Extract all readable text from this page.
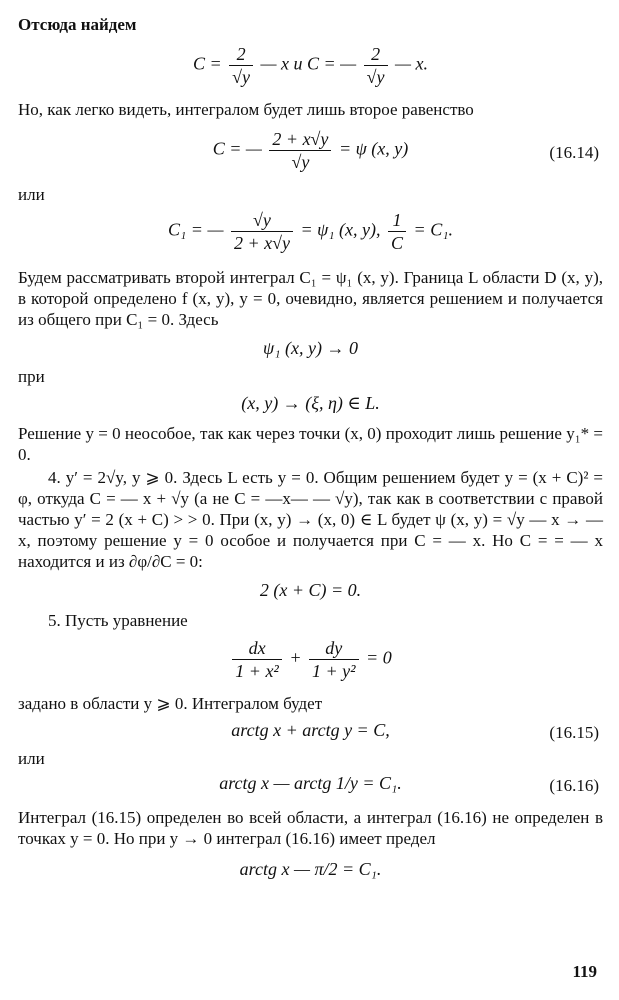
Отсюда найдем

$C = \frac{2}{√y}$ — x и C = — $\frac{2}{√y}$ — x.

Но, как легко видеть, интегралом будет лишь второе равенство

C = — $\frac{2 + x√y}{√y} = \psi$ (x, y)	(16.14)

или

C₁ = — $\frac{√y}{2 + x√y} = \psi_1$ (x, y), $\frac{1}{C} = C_1$.

Будем рассматривать второй интеграл C₁ = ψ₁ (x, y). Граница L области D (x, y), в которой определено f (x, y), y = 0, очевидно, является решением и получается из общего при C₁ = 0. Здесь

ψ₁ (x, y) → 0

при

(x, y) → (ξ, η) ∈ L.

Решение y = 0 неособое, так как через точки (x, 0) проходит лишь решение y₁* = 0.

4. y′ = 2√y, y ⩾ 0. Здесь L есть y = 0. Общим решением будет y = (x + C)² = φ, откуда C = — x + √y (а не C = —x— — √y), так как в соответствии с правой частью y′ = 2 (x + C) > > 0. При (x, y) → (x, 0) ∈ L будет ψ (x, y) = √y — x → —x, поэтому решение y = 0 особое и получается при C = — x. Но C = = — x находится и из ∂φ/∂C = 0:

2 (x + C) = 0.

5. Пусть уравнение

$\frac{dx}{\text{1 + x²}} + \frac{dy}{\text{1 + y²}} = 0$

задано в области y ⩾ 0. Интегралом будет

arctg x + arctg y = C,	(16.15)

или

arctg x — arctg 1/y = C₁.	(16.16)

Интеграл (16.15) определен во всей области, а интеграл (16.16) не определен в точках y = 0. Но при y → 0 интеграл (16.16) имеет предел

arctg x — π/2 = C₁.
119
